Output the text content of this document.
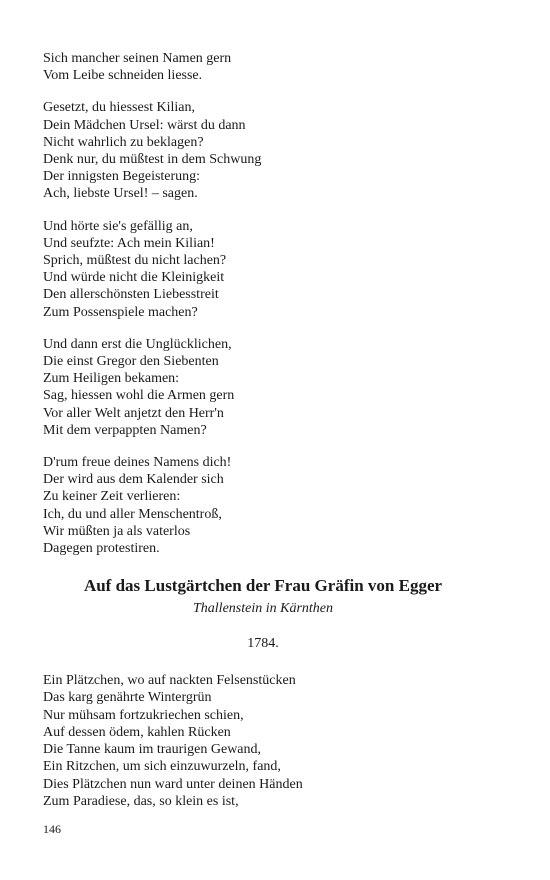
Sich mancher seinen Namen gern
Vom Leibe schneiden liesse.
Gesetzt, du hiessest Kilian,
Dein Mädchen Ursel: wärst du dann
Nicht wahrlich zu beklagen?
Denk nur, du müßtest in dem Schwung
Der innigsten Begeisterung:
Ach, liebste Ursel! – sagen.
Und hörte sie's gefällig an,
Und seufzte: Ach mein Kilian!
Sprich, müßtest du nicht lachen?
Und würde nicht die Kleinigkeit
Den allerschönsten Liebesstreit
Zum Possenspiele machen?
Und dann erst die Unglücklichen,
Die einst Gregor den Siebenten
Zum Heiligen bekamen:
Sag, hiessen wohl die Armen gern
Vor aller Welt anjetzt den Herr'n
Mit dem verpappten Namen?
D'rum freue deines Namens dich!
Der wird aus dem Kalender sich
Zu keiner Zeit verlieren:
Ich, du und aller Menschentroß,
Wir müßten ja als vaterlos
Dagegen protestiren.
Auf das Lustgärtchen der Frau Gräfin von Egger
Thallenstein in Kärnthen
1784.
Ein Plätzchen, wo auf nackten Felsenstücken
Das karg genährte Wintergrün
Nur mühsam fortzukriechen schien,
Auf dessen ödem, kahlen Rücken
Die Tanne kaum im traurigen Gewand,
Ein Ritzchen, um sich einzuwurzeln, fand,
Dies Plätzchen nun ward unter deinen Händen
Zum Paradiese, das, so klein es ist,
146
